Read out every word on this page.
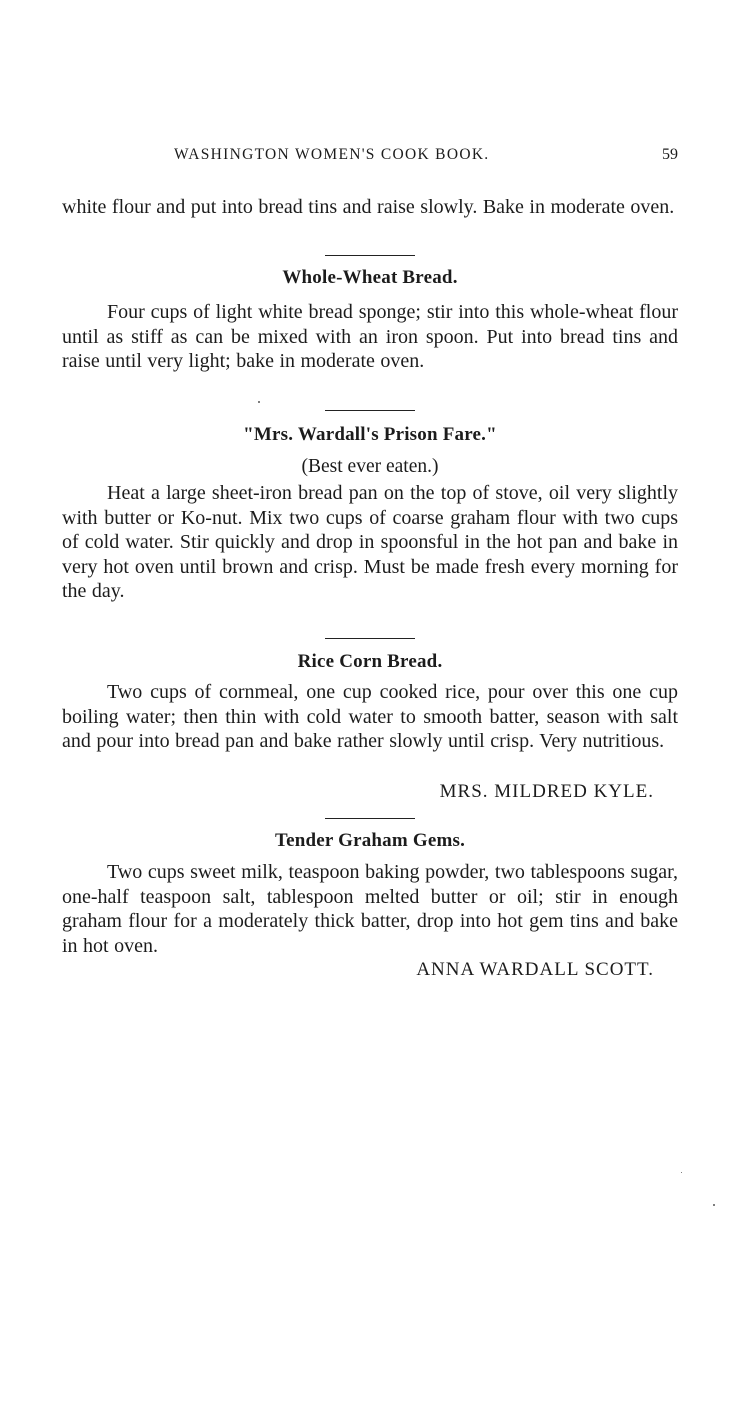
WASHINGTON WOMEN'S COOK BOOK.	59
white flour and put into bread tins and raise slowly. Bake in moderate oven.
Whole-Wheat Bread.
Four cups of light white bread sponge; stir into this whole-wheat flour until as stiff as can be mixed with an iron spoon. Put into bread tins and raise until very light; bake in moderate oven.
"Mrs. Wardall's Prison Fare."
(Best ever eaten.)
Heat a large sheet-iron bread pan on the top of stove, oil very slightly with butter or Ko-nut. Mix two cups of coarse graham flour with two cups of cold water. Stir quickly and drop in spoonsful in the hot pan and bake in very hot oven until brown and crisp. Must be made fresh every morning for the day.
Rice Corn Bread.
Two cups of cornmeal, one cup cooked rice, pour over this one cup boiling water; then thin with cold water to smooth batter, season with salt and pour into bread pan and bake rather slowly until crisp. Very nutritious.
MRS. MILDRED KYLE.
Tender Graham Gems.
Two cups sweet milk, teaspoon baking powder, two tablespoons sugar, one-half teaspoon salt, tablespoon melted butter or oil; stir in enough graham flour for a moderately thick batter, drop into hot gem tins and bake in hot oven.
ANNA WARDALL SCOTT.
